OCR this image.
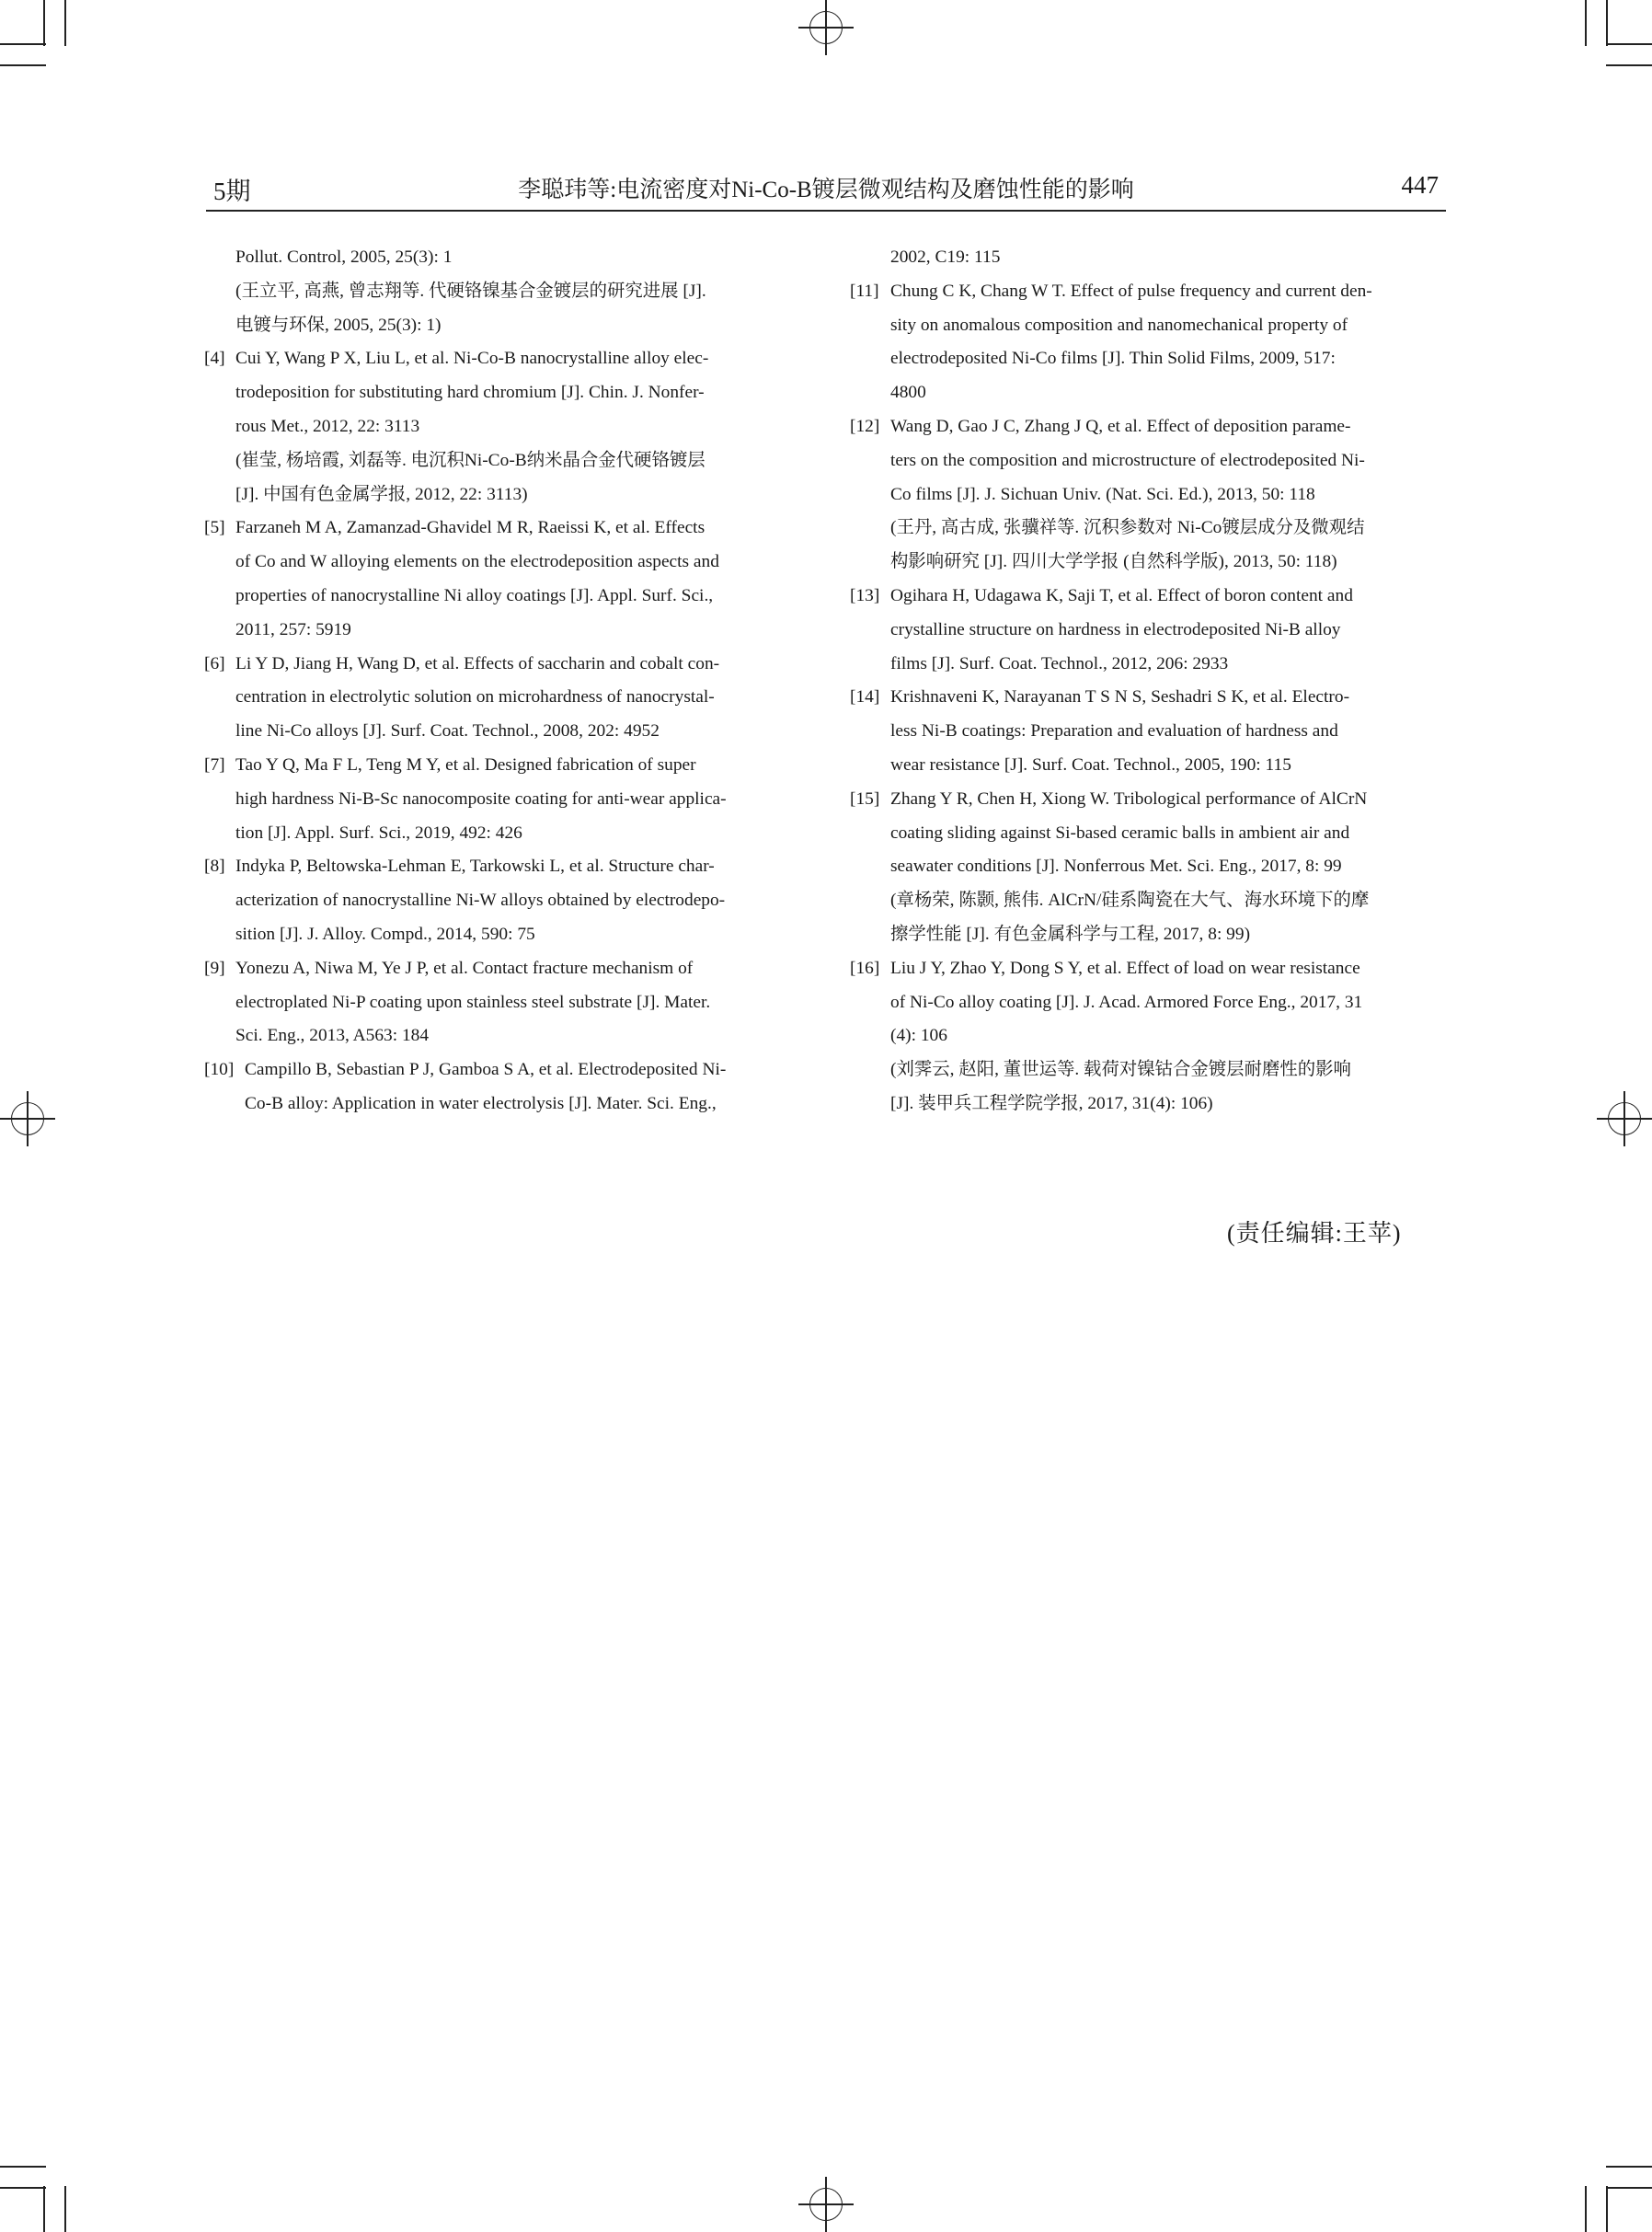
5期	李聪玮等:电流密度对Ni-Co-B镀层微观结构及磨蚀性能的影响	447
Pollut. Control, 2005, 25(3): 1
(王立平, 高燕, 曾志翔等. 代硬铬镍基合金镀层的研究进展 [J].
电镀与环保, 2005, 25(3): 1)
[4] Cui Y, Wang P X, Liu L, et al. Ni-Co-B nanocrystalline alloy elec-
trodeposition for substituting hard chromium [J]. Chin. J. Nonfer-
rous Met., 2012, 22: 3113
(崔莹, 杨培霞, 刘磊等. 电沉积Ni-Co-B纳米晶合金代硬铬镀层
[J]. 中国有色金属学报, 2012, 22: 3113)
[5] Farzaneh M A, Zamanzad-Ghavidel M R, Raeissi K, et al. Effects
of Co and W alloying elements on the electrodeposition aspects and
properties of nanocrystalline Ni alloy coatings [J]. Appl. Surf. Sci.,
2011, 257: 5919
[6] Li Y D, Jiang H, Wang D, et al. Effects of saccharin and cobalt con-
centration in electrolytic solution on microhardness of nanocrystal-
line Ni-Co alloys [J]. Surf. Coat. Technol., 2008, 202: 4952
[7] Tao Y Q, Ma F L, Teng M Y, et al. Designed fabrication of super
high hardness Ni-B-Sc nanocomposite coating for anti-wear applica-
tion [J]. Appl. Surf. Sci., 2019, 492: 426
[8] Indyka P, Beltowska-Lehman E, Tarkowski L, et al. Structure char-
acterization of nanocrystalline Ni-W alloys obtained by electrodepo-
sition [J]. J. Alloy. Compd., 2014, 590: 75
[9] Yonezu A, Niwa M, Ye J P, et al. Contact fracture mechanism of
electroplated Ni-P coating upon stainless steel substrate [J]. Mater.
Sci. Eng., 2013, A563: 184
[10] Campillo B, Sebastian P J, Gamboa S A, et al. Electrodeposited Ni-
Co-B alloy: Application in water electrolysis [J]. Mater. Sci. Eng.,
2002, C19: 115
[11] Chung C K, Chang W T. Effect of pulse frequency and current den-
sity on anomalous composition and nanomechanical property of
electrodeposited Ni-Co films [J]. Thin Solid Films, 2009, 517:
4800
[12] Wang D, Gao J C, Zhang J Q, et al. Effect of deposition parame-
ters on the composition and microstructure of electrodeposited Ni-
Co films [J]. J. Sichuan Univ. (Nat. Sci. Ed.), 2013, 50: 118
(王丹, 高古成, 张骥祥等. 沉积参数对 Ni-Co镀层成分及微观结
构影响研究 [J]. 四川大学学报 (自然科学版), 2013, 50: 118)
[13] Ogihara H, Udagawa K, Saji T, et al. Effect of boron content and
crystalline structure on hardness in electrodeposited Ni-B alloy
films [J]. Surf. Coat. Technol., 2012, 206: 2933
[14] Krishnaveni K, Narayanan T S N S, Seshadri S K, et al. Electro-
less Ni-B coatings: Preparation and evaluation of hardness and
wear resistance [J]. Surf. Coat. Technol., 2005, 190: 115
[15] Zhang Y R, Chen H, Xiong W. Tribological performance of AlCrN
coating sliding against Si-based ceramic balls in ambient air and
seawater conditions [J]. Nonferrous Met. Sci. Eng., 2017, 8: 99
(章杨荣, 陈颢, 熊伟. AlCrN/硅系陶瓷在大气、海水环境下的摩
擦学性能 [J]. 有色金属科学与工程, 2017, 8: 99)
[16] Liu J Y, Zhao Y, Dong S Y, et al. Effect of load on wear resistance
of Ni-Co alloy coating [J]. J. Acad. Armored Force Eng., 2017, 31
(4): 106
(刘霁云, 赵阳, 董世运等. 载荷对镍钴合金镀层耐磨性的影响
[J]. 装甲兵工程学院学报, 2017, 31(4): 106)
(责任编辑:王苹)
